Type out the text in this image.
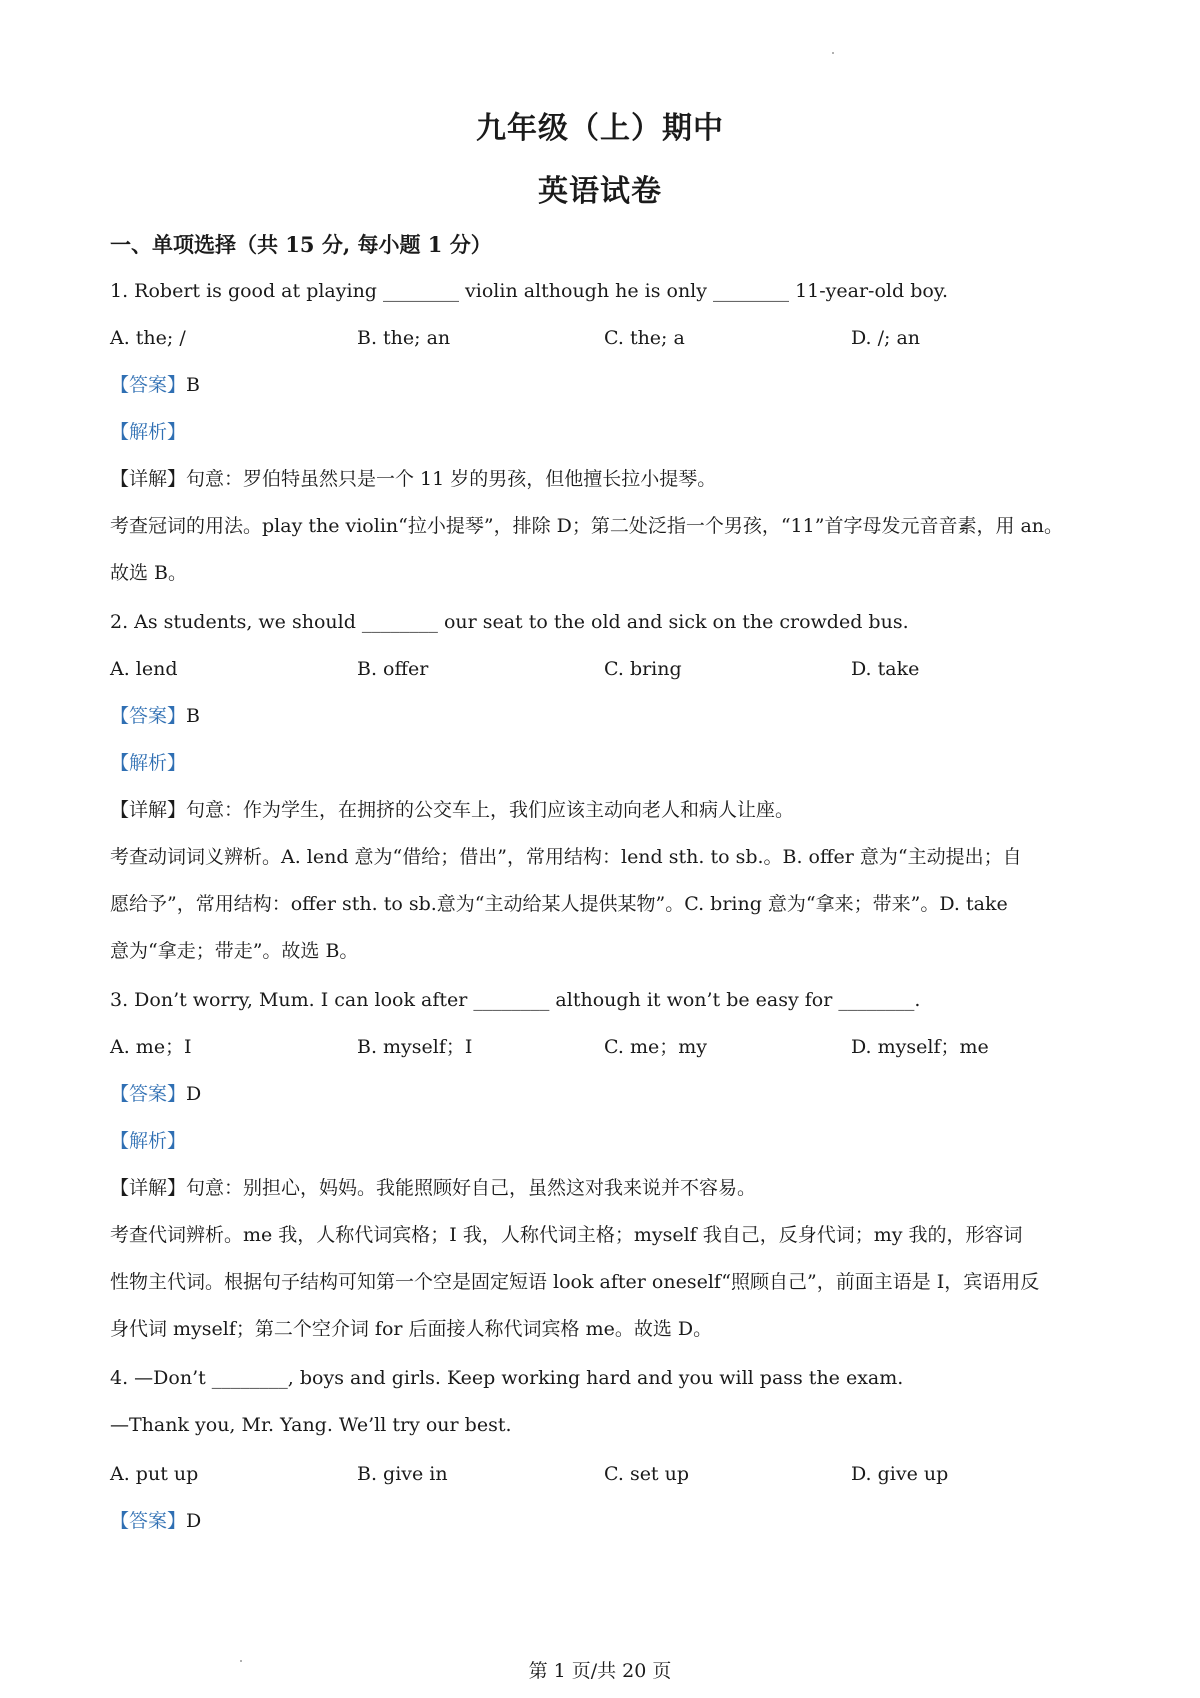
九年级（上）期中
英语试卷
一、单项选择（共 15 分, 每小题 1 分）
1. Robert is good at playing ________ violin although he is only ________ 11-year-old boy.
A. the; /	B. the; an	C. the; a	D. /; an
【答案】B
【解析】
【详解】句意：罗伯特虽然只是一个 11 岁的男孩，但他擅长拉小提琴。
考查冠词的用法。play the violin“拉小提琴”，排除 D；第二处泛指一个男孩，“11”首字母发元音音素，用 an。
故选 B。
2. As students, we should ________ our seat to the old and sick on the crowded bus.
A. lend	B. offer	C. bring	D. take
【答案】B
【解析】
【详解】句意：作为学生，在拥挤的公交车上，我们应该主动向老人和病人让座。
考查动词词义辨析。A. lend 意为“借给；借出”，常用结构：lend sth. to sb.。B. offer 意为“主动提出；自
愿给予”，常用结构：offer sth. to sb.意为“主动给某人提供某物”。C. bring 意为“拿来；带来”。D. take
意为“拿走；带走”。故选 B。
3. Don’t worry, Mum. I can look after ________ although it won’t be easy for ________.
A. me；I	B. myself；I	C. me；my	D. myself；me
【答案】D
【解析】
【详解】句意：别担心，妈妈。我能照顾好自己，虽然这对我来说并不容易。
考查代词辨析。me 我，人称代词宾格；I 我，人称代词主格；myself 我自己，反身代词；my 我的，形容词
性物主代词。根据句子结构可知第一个空是固定短语 look after oneself“照顾自己”，前面主语是 I，宾语用反
身代词 myself；第二个空介词 for 后面接人称代词宾格 me。故选 D。
4. —Don’t ________, boys and girls. Keep working hard and you will pass the exam.
—Thank you, Mr. Yang. We’ll try our best.
A. put up	B. give in	C. set up	D. give up
【答案】D
第 1 页/共 20 页
